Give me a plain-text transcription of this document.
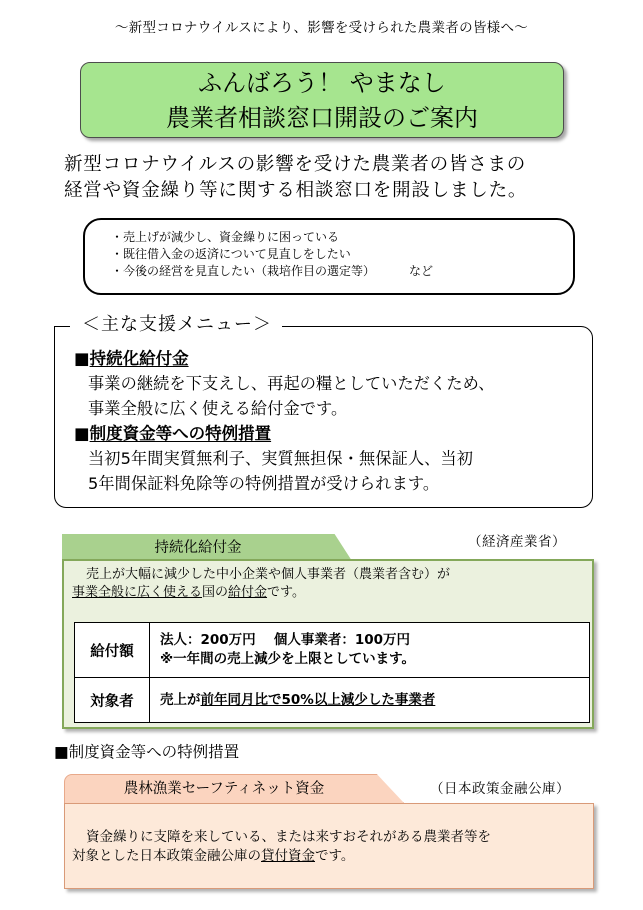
～新型コロナウイルスにより、影響を受けられた農業者の皆様へ～
ふんばろう！ やまなし
農業者相談窓口開設のご案内
新型コロナウイルスの影響を受けた農業者の皆さまの
経営や資金繰り等に関する相談窓口を開設しました。
・売上げが減少し、資金繰りに困っている
・既往借入金の返済について見直しをしたい
・今後の経営を見直したい（栽培作目の選定等）	など
＜主な支援メニュー＞
■持続化給付金
事業の継続を下支えし、再起の糧としていただくため、
事業全般に広く使える給付金です。
■制度資金等への特例措置
当初5年間実質無利子、実質無担保・無保証人、当初
5年間保証料免除等の特例措置が受けられます。
持続化給付金	（経済産業省）
売上が大幅に減少した中小企業や個人事業者（農業者含む）が
事業全般に広く使える国の給付金です。
給付額	法人：200万円　 個人事業者：100万円
※一年間の売上減少を上限としています。

対象者	売上が前年同月比で50%以上減少した事業者
■制度資金等への特例措置
農林漁業セーフティネット資金	（日本政策金融公庫）
資金繰りに支障を来している、または来すおそれがある農業者等を
対象とした日本政策金融公庫の貸付資金です。
